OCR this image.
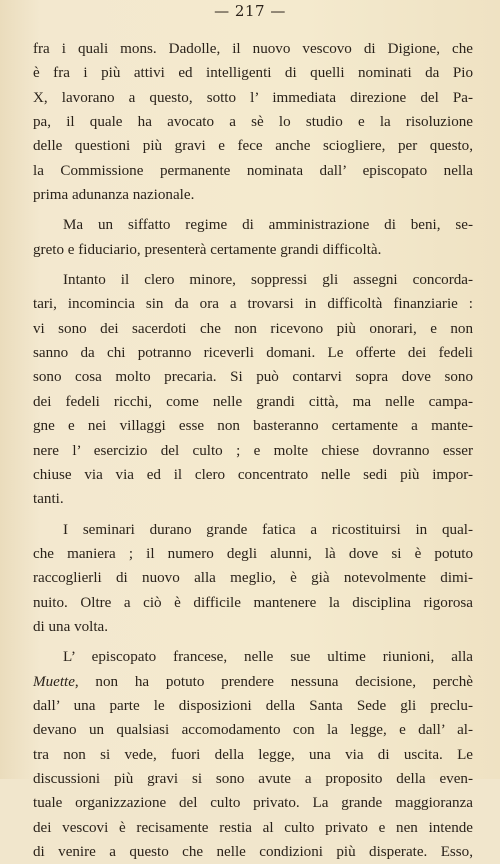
— 217 —
fra i quali mons. Dadolle, il nuovo vescovo di Digione, che
è fra i più attivi ed intelligenti di quelli nominati da Pio
X, lavorano a questo, sotto l’ immediata direzione del Pa-
pa, il quale ha avocato a sè lo studio e la risoluzione
delle questioni più gravi e fece anche sciogliere, per questo,
la Commissione permanente nominata dall’ episcopato nella
prima adunanza nazionale.
Ma un siffatto regime di amministrazione di beni, se-
greto e fiduciario, presenterà certamente grandi difficoltà.
Intanto il clero minore, soppressi gli assegni concorda-
tari, incomincia sin da ora a trovarsi in difficoltà finanziarie :
vi sono dei sacerdoti che non ricevono più onorari, e non
sanno da chi potranno riceverli domani. Le offerte dei fedeli
sono cosa molto precaria. Si può contarvi sopra dove sono
dei fedeli ricchi, come nelle grandi città, ma nelle campa-
gne e nei villaggi esse non basteranno certamente a mante-
nere l’ esercizio del culto ; e molte chiese dovranno esser
chiuse via via ed il clero concentrato nelle sedi più impor-
tanti.
I seminari durano grande fatica a ricostituirsi in qual-
che maniera ; il numero degli alunni, là dove si è potuto
raccoglierli di nuovo alla meglio, è già notevolmente dimi-
nuito. Oltre a ciò è difficile mantenere la disciplina rigorosa
di una volta.
L’ episcopato francese, nelle sue ultime riunioni, alla
Muette, non ha potuto prendere nessuna decisione, perchè
dall’ una parte le disposizioni della Santa Sede gli preclu-
devano un qualsiasi accomodamento con la legge, e dall’ al-
tra non si vede, fuori della legge, una via di uscita. Le
discussioni più gravi si sono avute a proposito della even-
tuale organizzazione del culto privato. La grande maggioranza
dei vescovi è recisamente restia al culto privato e nen intende
di venire a questo che nelle condizioni più disperate. Esso,
